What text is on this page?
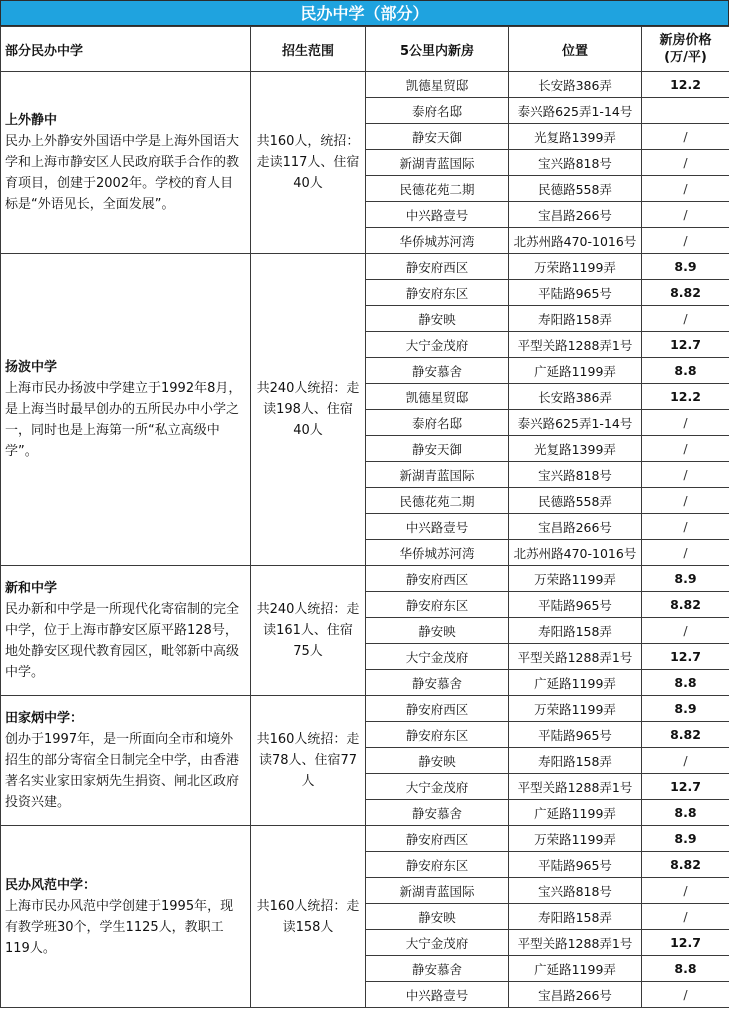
民办中学（部分）
部分民办中学	招生范围	5公里内新房	位置	新房价格
(万/平)

上外静中
民办上外静安外国语中学是上海外国语大学和上海市静安区人民政府联手合作的教育项目，创建于2002年。学校的育人目标是“外语见长，全面发展”。	共160人，统招：走读117人、住宿40人	凯德星贸邸	长安路386弄	12.2
		泰府名邸	泰兴路625弄1-14号	
		静安天御	光复路1399弄	/
		新湖青蓝国际	宝兴路818号	/
		民德花苑二期	民德路558弄	/
		中兴路壹号	宝昌路266号	/
		华侨城苏河湾	北苏州路470-1016号	/

扬波中学
上海市民办扬波中学建立于1992年8月，是上海当时最早创办的五所民办中小学之一，同时也是上海第一所“私立高级中学”。	共240人统招：走读198人、住宿40人	静安府西区	万荣路1199弄	8.9
		静安府东区	平陆路965号	8.82
		静安映	寿阳路158弄	/
		大宁金茂府	平型关路1288弄1号	12.7
		静安慕舍	广延路1199弄	8.8
		凯德星贸邸	长安路386弄	12.2
		泰府名邸	泰兴路625弄1-14号	/
		静安天御	光复路1399弄	/
		新湖青蓝国际	宝兴路818号	/
		民德花苑二期	民德路558弄	/
		中兴路壹号	宝昌路266号	/
		华侨城苏河湾	北苏州路470-1016号	/

新和中学
民办新和中学是一所现代化寄宿制的完全中学，位于上海市静安区原平路128号，地处静安区现代教育园区，毗邻新中高级中学。	共240人统招：走读161人、住宿75人	静安府西区	万荣路1199弄	8.9
		静安府东区	平陆路965号	8.82
		静安映	寿阳路158弄	/
		大宁金茂府	平型关路1288弄1号	12.7
		静安慕舍	广延路1199弄	8.8

田家炳中学：
创办于1997年，是一所面向全市和境外招生的部分寄宿全日制完全中学，由香港著名实业家田家炳先生捐资、闸北区政府投资兴建。	共160人统招：走读78人、住宿77人	静安府西区	万荣路1199弄	8.9
		静安府东区	平陆路965号	8.82
		静安映	寿阳路158弄	/
		大宁金茂府	平型关路1288弄1号	12.7
		静安慕舍	广延路1199弄	8.8

民办风范中学：
上海市民办风范中学创建于1995年，现有教学班30个，学生1125人，教职工119人。	共160人统招：走读158人	静安府西区	万荣路1199弄	8.9
		静安府东区	平陆路965号	8.82
		新湖青蓝国际	宝兴路818号	/
		静安映	寿阳路158弄	/
		大宁金茂府	平型关路1288弄1号	12.7
		静安慕舍	广延路1199弄	8.8
		中兴路壹号	宝昌路266号	/
